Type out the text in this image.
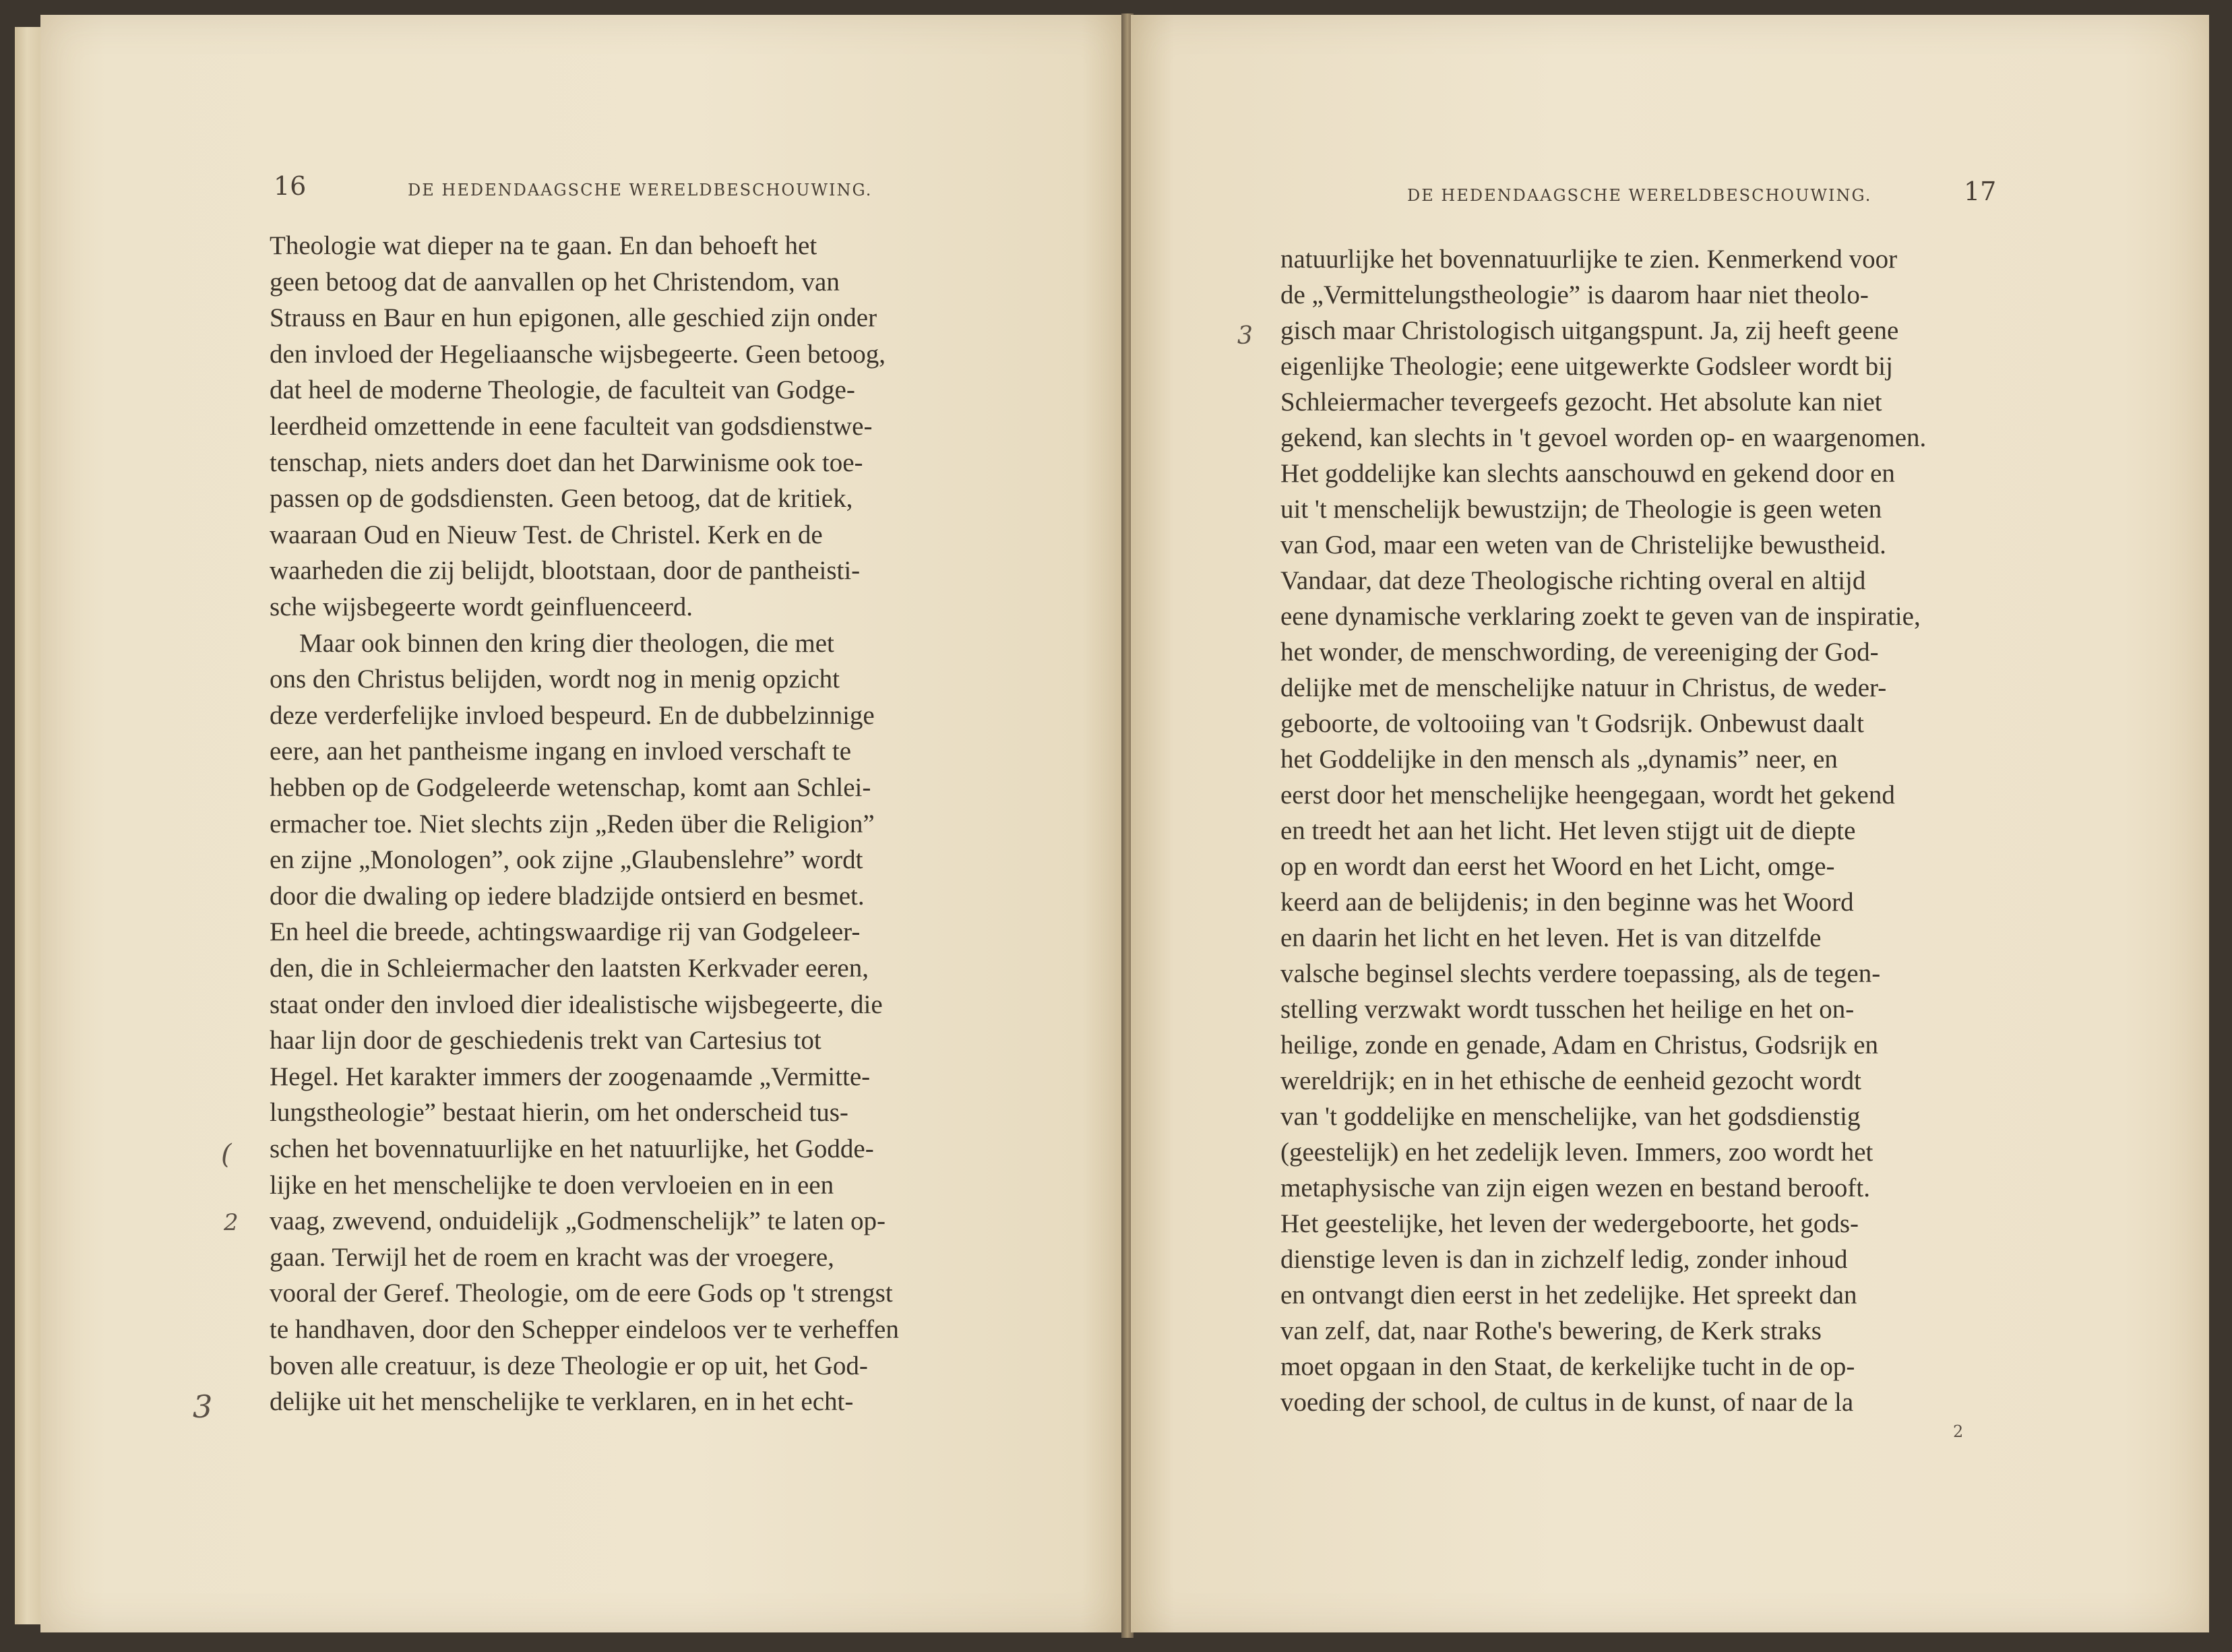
16	DE HEDENDAAGSCHE WERELDBESCHOUWING.
Theologie wat dieper na te gaan. En dan behoeft het
geen betoog dat de aanvallen op het Christendom, van
Strauss en Baur en hun epigonen, alle geschied zijn onder
den invloed der Hegeliaansche wijsbegeerte. Geen betoog,
dat heel de moderne Theologie, de faculteit van Godge-
leerdheid omzettende in eene faculteit van godsdienstwe-
tenschap, niets anders doet dan het Darwinisme ook toe-
passen op de godsdiensten. Geen betoog, dat de kritiek,
waaraan Oud en Nieuw Test. de Christel. Kerk en de
waarheden die zij belijdt, blootstaan, door de pantheisti-
sche wijsbegeerte wordt geinfluenceerd.
Maar ook binnen den kring dier theologen, die met
ons den Christus belijden, wordt nog in menig opzicht
deze verderfelijke invloed bespeurd. En de dubbelzinnige
eere, aan het pantheisme ingang en invloed verschaft te
hebben op de Godgeleerde wetenschap, komt aan Schlei-
ermacher toe. Niet slechts zijn „Reden über die Religion”
en zijne „Monologen”, ook zijne „Glaubenslehre” wordt
door die dwaling op iedere bladzijde ontsierd en besmet.
En heel die breede, achtingswaardige rij van Godgeleer-
den, die in Schleiermacher den laatsten Kerkvader eeren,
staat onder den invloed dier idealistische wijsbegeerte, die
haar lijn door de geschiedenis trekt van Cartesius tot
Hegel. Het karakter immers der zoogenaamde „Vermitte-
lungstheologie” bestaat hierin, om het onderscheid tus-
schen het bovennatuurlijke en het natuurlijke, het Godde-
lijke en het menschelijke te doen vervloeien en in een
vaag, zwevend, onduidelijk „Godmenschelijk” te laten op-
gaan. Terwijl het de roem en kracht was der vroegere,
vooral der Geref. Theologie, om de eere Gods op 't strengst
te handhaven, door den Schepper eindeloos ver te verheffen
boven alle creatuur, is deze Theologie er op uit, het God-
delijke uit het menschelijke te verklaren, en in het echt-
(
2
3
DE HEDENDAAGSCHE WERELDBESCHOUWING.	17
natuurlijke het bovennatuurlijke te zien. Kenmerkend voor
de „Vermittelungstheologie” is daarom haar niet theolo-
gisch maar Christologisch uitgangspunt. Ja, zij heeft geene
eigenlijke Theologie; eene uitgewerkte Godsleer wordt bij
Schleiermacher tevergeefs gezocht. Het absolute kan niet
gekend, kan slechts in 't gevoel worden op- en waargenomen.
Het goddelijke kan slechts aanschouwd en gekend door en
uit 't menschelijk bewustzijn; de Theologie is geen weten
van God, maar een weten van de Christelijke bewustheid.
Vandaar, dat deze Theologische richting overal en altijd
eene dynamische verklaring zoekt te geven van de inspiratie,
het wonder, de menschwording, de vereeniging der God-
delijke met de menschelijke natuur in Christus, de weder-
geboorte, de voltooiing van 't Godsrijk. Onbewust daalt
het Goddelijke in den mensch als „dynamis” neer, en
eerst door het menschelijke heengegaan, wordt het gekend
en treedt het aan het licht. Het leven stijgt uit de diepte
op en wordt dan eerst het Woord en het Licht, omge-
keerd aan de belijdenis; in den beginne was het Woord
en daarin het licht en het leven. Het is van ditzelfde
valsche beginsel slechts verdere toepassing, als de tegen-
stelling verzwakt wordt tusschen het heilige en het on-
heilige, zonde en genade, Adam en Christus, Godsrijk en
wereldrijk; en in het ethische de eenheid gezocht wordt
van 't goddelijke en menschelijke, van het godsdienstig
(geestelijk) en het zedelijk leven. Immers, zoo wordt het
metaphysische van zijn eigen wezen en bestand berooft.
Het geestelijke, het leven der wedergeboorte, het gods-
dienstige leven is dan in zichzelf ledig, zonder inhoud
en ontvangt dien eerst in het zedelijke. Het spreekt dan
van zelf, dat, naar Rothe's bewering, de Kerk straks
moet opgaan in den Staat, de kerkelijke tucht in de op-
voeding der school, de cultus in de kunst, of naar de la
3
2
